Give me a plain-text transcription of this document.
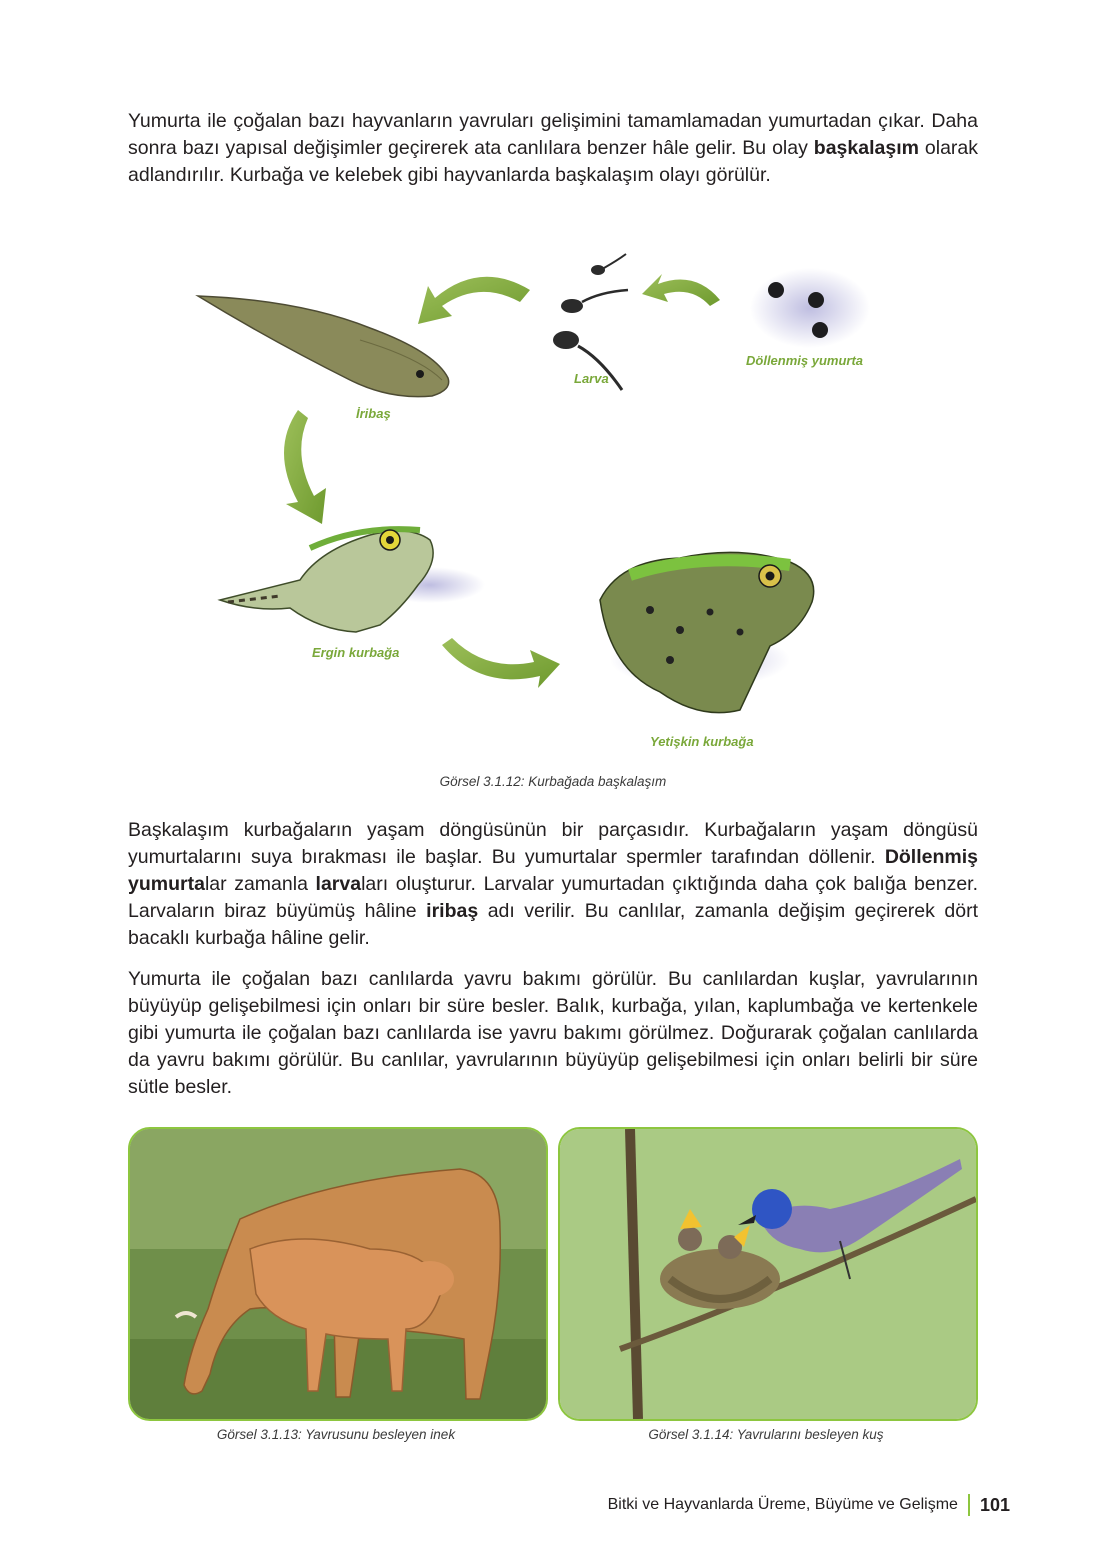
Yumurta ile çoğalan bazı hayvanların yavruları gelişimini tamamlamadan yumurtadan çıkar. Daha sonra bazı yapısal değişimler geçirerek ata canlılara benzer hâle gelir. Bu olay başkalaşım olarak adlandırılır. Kurbağa ve kelebek gibi hayvanlarda başkalaşım olayı görülür.

Döllenmiş yumurta
Larva
İribaş
Ergin kurbağa
Yetişkin kurbağa
Görsel 3.1.12: Kurbağada başkalaşım

Başkalaşım kurbağaların yaşam döngüsünün bir parçasıdır. Kurbağaların yaşam döngüsü yumurtalarını suya bırakması ile başlar. Bu yumurtalar spermler tarafından döllenir. Döllenmiş yumurtalar zamanla larvaları oluşturur. Larvalar yumurtadan çıktığında daha çok balığa benzer. Larvaların biraz büyümüş hâline iribaş adı verilir. Bu canlılar, zamanla değişim geçirerek dört bacaklı kurbağa hâline gelir.

Yumurta ile çoğalan bazı canlılarda yavru bakımı görülür. Bu canlılardan kuşlar, yavrularının büyüyüp gelişebilmesi için onları bir süre besler. Balık, kurbağa, yılan, kaplumbağa ve kertenkele gibi yumurta ile çoğalan bazı canlılarda ise yavru bakımı görülmez. Doğurarak çoğalan canlılarda da yavru bakımı görülür. Bu canlılar, yavrularının büyüyüp gelişebilmesi için onları belirli bir süre sütle besler.

Görsel 3.1.13: Yavrusunu besleyen inek	Görsel 3.1.14: Yavrularını besleyen kuş
Bitki ve Hayvanlarda Üreme, Büyüme ve Gelişme 101
